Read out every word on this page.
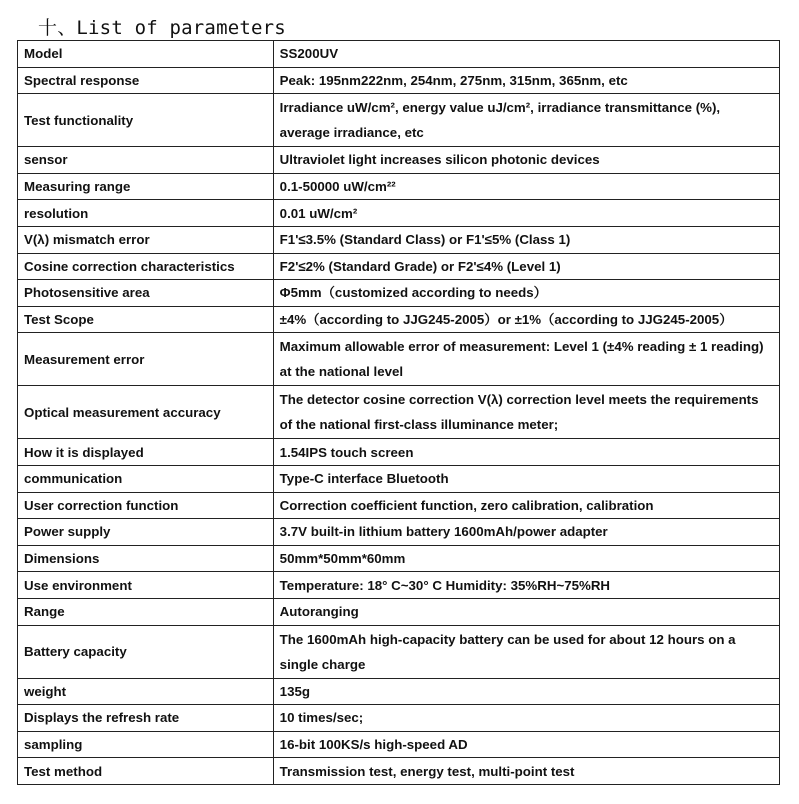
十、List of parameters
Model	SS200UV
Spectral response	Peak: 195nm222nm, 254nm, 275nm, 315nm, 365nm, etc
Test functionality	Irradiance uW/cm², energy value uJ/cm², irradiance transmittance (%), average irradiance, etc
sensor	Ultraviolet light increases silicon photonic devices
Measuring range	0.1-50000 uW/cm²²
resolution	0.01 uW/cm²
V(λ) mismatch error	F1'≤3.5% (Standard Class) or F1'≤5% (Class 1)
Cosine correction characteristics	F2'≤2% (Standard Grade) or F2'≤4% (Level 1)
Photosensitive area	Φ5mm（customized according to needs）
Test Scope	±4%（according to JJG245-2005）or ±1%（according to JJG245-2005）
Measurement error	Maximum allowable error of measurement: Level 1 (±4% reading ± 1 reading) at the national level
Optical measurement accuracy	The detector cosine correction V(λ) correction level meets the requirements of the national first-class illuminance meter;
How it is displayed	1.54IPS touch screen
communication	Type-C interface Bluetooth
User correction function	Correction coefficient function, zero calibration, calibration
Power supply	3.7V built-in lithium battery 1600mAh/power adapter
Dimensions	50mm*50mm*60mm
Use environment	Temperature: 18° C~30° C Humidity: 35%RH~75%RH
Range	Autoranging
Battery capacity	The 1600mAh high-capacity battery can be used for about 12 hours on a single charge
weight	135g
Displays the refresh rate	10 times/sec;
sampling	16-bit 100KS/s high-speed AD
Test method	Transmission test, energy test, multi-point test
